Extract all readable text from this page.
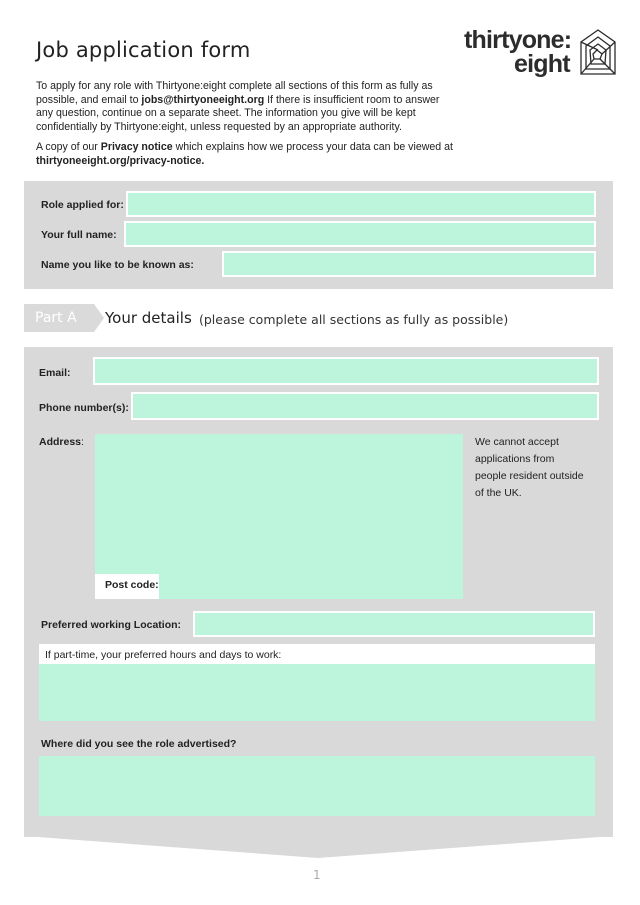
Job application form	thirtyone:
eight

To apply for any role with Thirtyone:eight complete all sections of this form as fully as possible, and email to jobs@thirtyoneeight.org If there is insufficient room to answer any question, continue on a separate sheet. The information you give will be kept confidentially by Thirtyone:eight, unless requested by an appropriate authority.

A copy of our Privacy notice which explains how we process your data can be viewed at thirtyoneeight.org/privacy-notice.

Role applied for:
Your full name:
Name you like to be known as:
Part A Your details (please complete all sections as fully as possible)
Email:
Phone number(s):
Address:
Post code:
Preferred working Location:
If part-time, your preferred hours and days to work:
Where did you see the role advertised?

We cannot accept applications from people resident outside of the UK.

1
